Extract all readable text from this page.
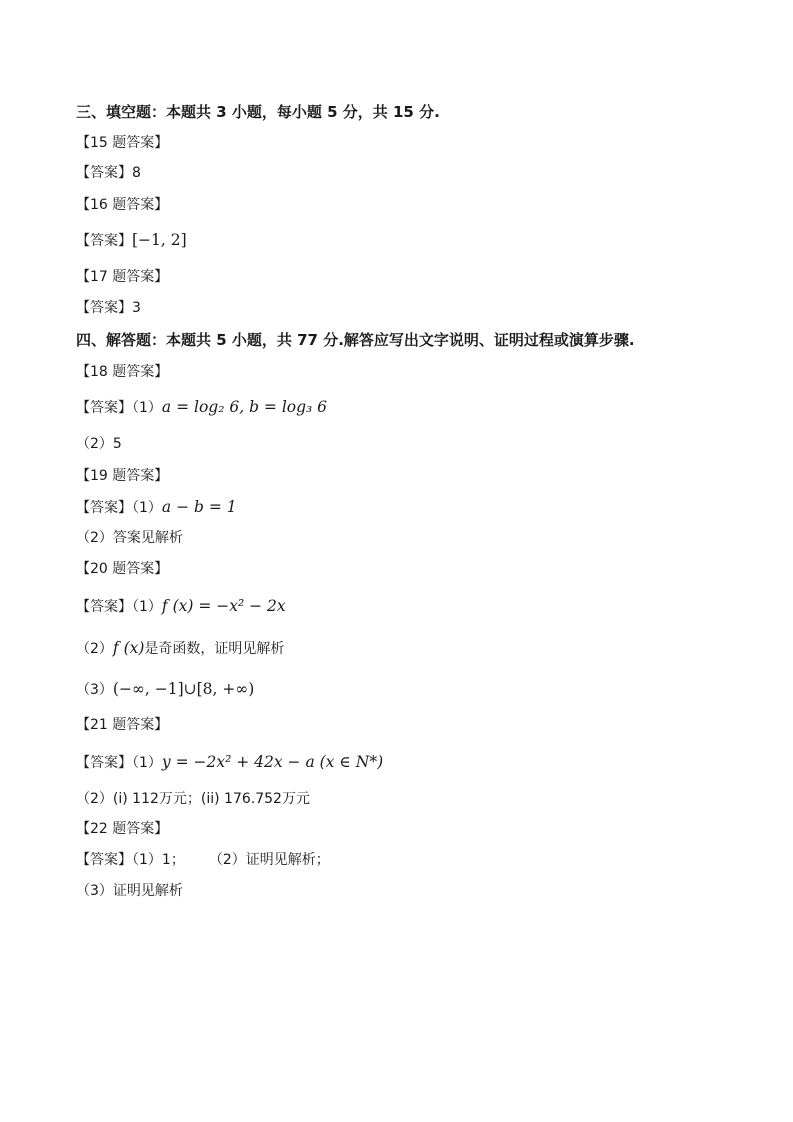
三、填空题：本题共 3 小题，每小题 5 分，共 15 分.
【15 题答案】
【答案】8
【16 题答案】
【答案】[−1, 2]
【17 题答案】
【答案】3
四、解答题：本题共 5 小题，共 77 分.解答应写出文字说明、证明过程或演算步骤.
【18 题答案】
【答案】（1）a = log₂ 6, b = log₃ 6
（2）5
【19 题答案】
【答案】（1）a − b = 1
（2）答案见解析
【20 题答案】
【答案】（1）f (x) = −x² − 2x
（2）f (x)是奇函数，证明见解析
（3）(−∞, −1]∪[8, +∞)
【21 题答案】
【答案】（1）y = −2x² + 42x − a (x ∈ N*)
（2）(i) 112万元；(ii) 176.752万元
【22 题答案】
【答案】（1）1； （2）证明见解析；
（3）证明见解析
